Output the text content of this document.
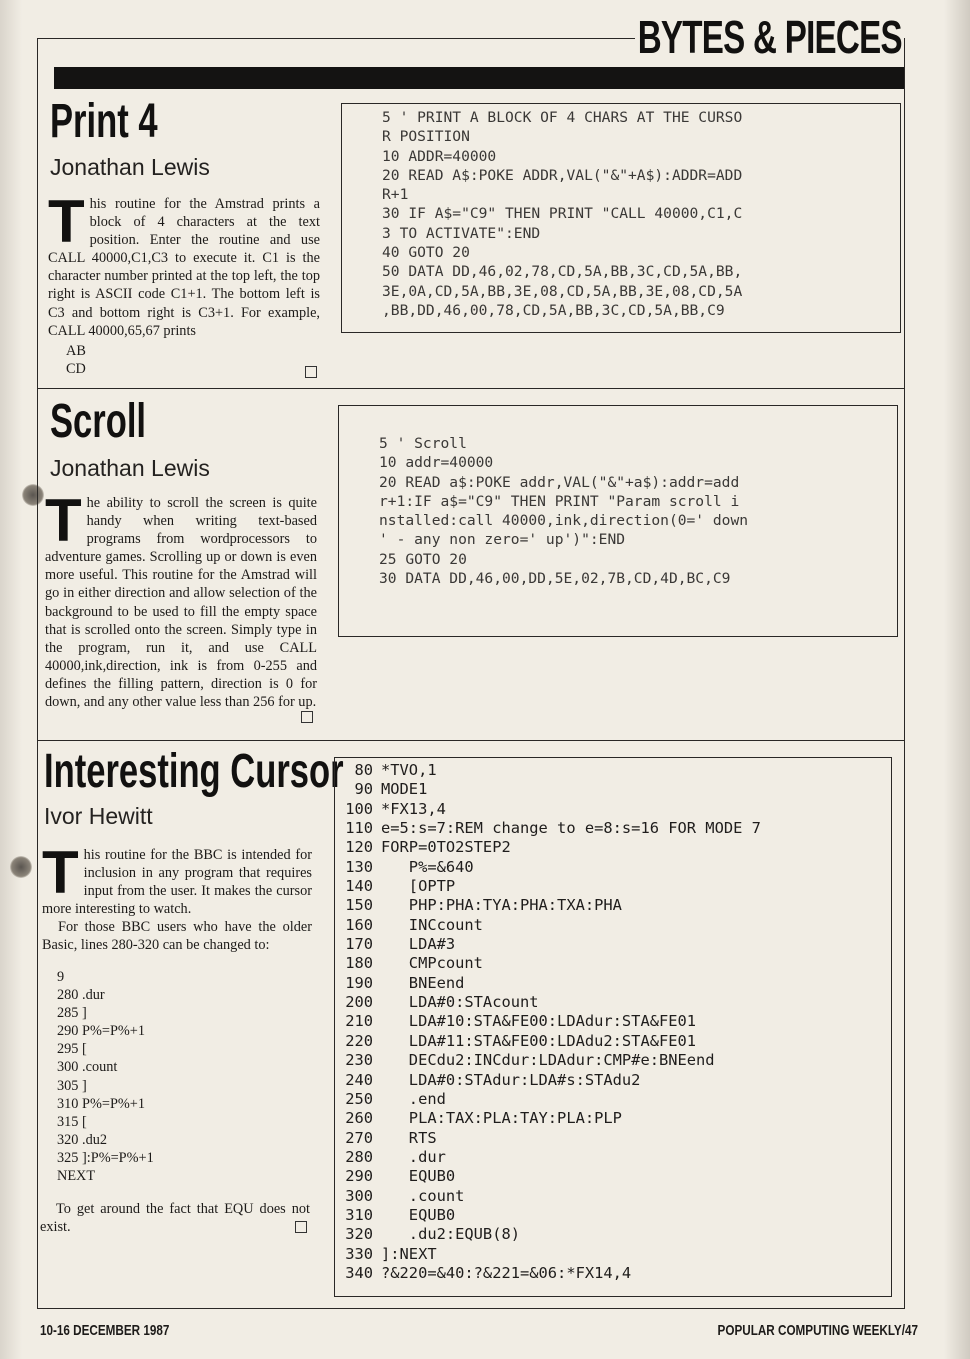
BYTES & PIECES
Print 4
Jonathan Lewis

This routine for the Amstrad prints a block of 4 characters at the text position. Enter the routine and use CALL 40000,C1,C3 to execute it. C1 is the character number printed at the top left, the top right is ASCII code C1+1. The bottom left is C3 and bottom right is C3+1. For example, CALL 40000,65,67 prints

AB
CD
5 ' PRINT A BLOCK OF 4 CHARS AT THE CURSO
R POSITION
10 ADDR=40000
20 READ A$:POKE ADDR,VAL("&"+A$):ADDR=ADD
R+1
30 IF A$="C9" THEN PRINT "CALL 40000,C1,C
3 TO ACTIVATE":END
40 GOTO 20
50 DATA DD,46,02,78,CD,5A,BB,3C,CD,5A,BB,
3E,0A,CD,5A,BB,3E,08,CD,5A,BB,3E,08,CD,5A
,BB,DD,46,00,78,CD,5A,BB,3C,CD,5A,BB,C9
Scroll
Jonathan Lewis

The ability to scroll the screen is quite handy when writing text-based programs from wordprocessors to adventure games. Scrolling up or down is even more useful. This routine for the Amstrad will go in either direction and allow selection of the background to be used to fill the empty space that is scrolled onto the screen. Simply type in the program, run it, and use CALL 40000,ink,direction, ink is from 0-255 and defines the filling pattern, direction is 0 for down, and any other value less than 256 for up.

5 ' Scroll
10 addr=40000
20 READ a$:POKE addr,VAL("&"+a$):addr=add
r+1:IF a$="C9" THEN PRINT "Param scroll i
nstalled:call 40000,ink,direction(0=' down
' - any non zero=' up')":END
25 GOTO 20
30 DATA DD,46,00,DD,5E,02,7B,CD,4D,BC,C9
Interesting Cursor
Ivor Hewitt

This routine for the BBC is intended for inclusion in any program that requires input from the user. It makes the cursor more interesting to watch.

For those BBC users who have the older Basic, lines 280-320 can be changed to:

9
280 .dur
285 ]
290 P%=P%+1
295 [
300 .count
305 ]
310 P%=P%+1
315 [
320 .du2
325 ]:P%=P%+1
NEXT

To get around the fact that EQU does not exist.

80 *TVO,1
90 MODE1
100 *FX13,4
110 e=5:s=7:REM change to e=8:s=16 FOR MODE 7
120 FORP=0TO2STEP2
130   P%=&640
140   [OPTP
150   PHP:PHA:TYA:PHA:TXA:PHA
160   INCcount
170   LDA#3
180   CMPcount
190   BNEend
200   LDA#0:STAcount
210   LDA#10:STA&FE00:LDAdur:STA&FE01
220   LDA#11:STA&FE00:LDAdu2:STA&FE01
230   DECdu2:INCdur:LDAdur:CMP#e:BNEend
240   LDA#0:STAdur:LDA#s:STAdu2
250   .end
260   PLA:TAX:PLA:TAY:PLA:PLP
270   RTS
280   .dur
290   EQUB0
300   .count
310   EQUB0
320   .du2:EQUB(8)
330 ]:NEXT
340 ?&220=&40:?&221=&06:*FX14,4
10-16 DECEMBER 1987	POPULAR COMPUTING WEEKLY/47
